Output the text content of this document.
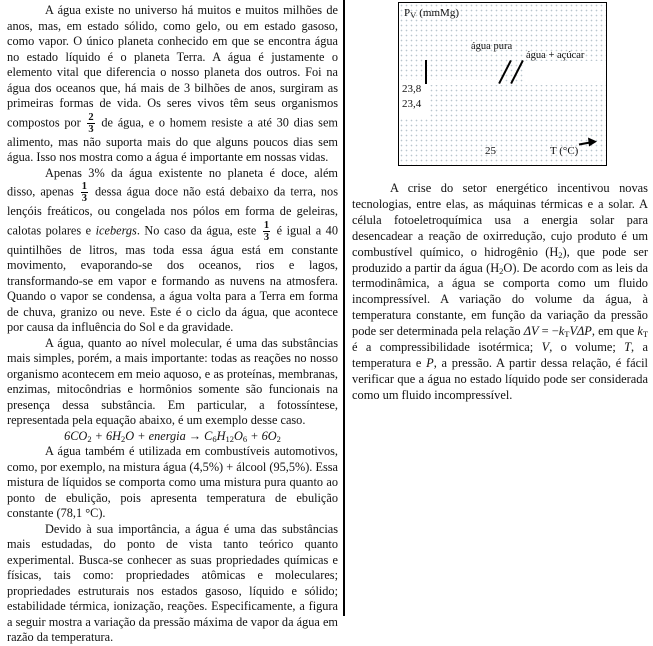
A água existe no universo há muitos e muitos milhões de anos, mas, em estado sólido, como gelo, ou em estado gasoso, como vapor. O único planeta conhecido em que se encontra água no estado líquido é o planeta Terra. A água é justamente o elemento vital que diferencia o nosso planeta dos outros. Foi na água dos oceanos que, há mais de 3 bilhões de anos, surgiram as primeiras formas de vida. Os seres vivos têm seus organismos compostos por $\frac{2}{3}$ de água, e o homem resiste a até 30 dias sem alimento, mas não suporta mais do que alguns poucos dias sem água. Isso nos mostra como a água é importante em nossas vidas.

Apenas 3% da água existente no planeta é doce, além disso, apenas $\frac{1}{3}$ dessa água doce não está debaixo da terra, nos lençóis freáticos, ou congelada nos pólos em forma de geleiras, calotas polares e icebergs. No caso da água, este $\frac{1}{3}$ é igual a 40 quintilhões de litros, mas toda essa água está em constante movimento, evaporando-se dos oceanos, rios e lagos, transformando-se em vapor e formando as nuvens na atmosfera. Quando o vapor se condensa, a água volta para a Terra em forma de chuva, granizo ou neve. Este é o ciclo da água, que acontece por causa da influência do Sol e da gravidade.

A água, quanto ao nível molecular, é uma das substâncias mais simples, porém, a mais importante: todas as reações no nosso organismo acontecem em meio aquoso, e as proteínas, membranas, enzimas, mitocôndrias e hormônios somente são funcionais na presença dessa substância. Em particular, a fotossíntese, representada pela equação abaixo, é um exemplo desse caso.

$6CO_2 + 6H_2O$ + energia → $C_6H_{12}O_6 + 6O_2$

A água também é utilizada em combustíveis automotivos, como, por exemplo, na mistura água (4,5%) + álcool (95,5%). Essa mistura de líquidos se comporta como uma mistura pura quanto ao ponto de ebulição, pois apresenta temperatura de ebulição constante (78,1 °C).

Devido à sua importância, a água é uma das substâncias mais estudadas, do ponto de vista tanto teórico quanto experimental. Busca-se conhecer as suas propriedades químicas e físicas, tais como: propriedades atômicas e moleculares; propriedades estruturais nos estados gasoso, líquido e sólido; estabilidade térmica, ionização, reações. Especificamente, a figura a seguir mostra a variação da pressão máxima de vapor da água em razão da temperatura.

$P_V$ (mmMg)
água pura
água + açúcar
23,8
23,4
25	T (°C)

A crise do setor energético incentivou novas tecnologias, entre elas, as máquinas térmicas e a solar. A célula fotoeletroquímica usa a energia solar para desencadear a reação de oxirredução, cujo produto é um combustível químico, o hidrogênio $(H_2)$, que pode ser produzido a partir da água $(H_2O)$. De acordo com as leis da termodinâmica, a água se comporta como um fluido incompressível. A variação do volume da água, à temperatura constante, em função da variação da pressão pode ser determinada pela relação $\Delta V = -k_TV\Delta P$, em que $k_T$ é a compressibilidade isotérmica; V, o volume; T, a temperatura e P, a pressão. A partir dessa relação, é fácil verificar que a água no estado líquido pode ser considerada como um fluido incompressível.
